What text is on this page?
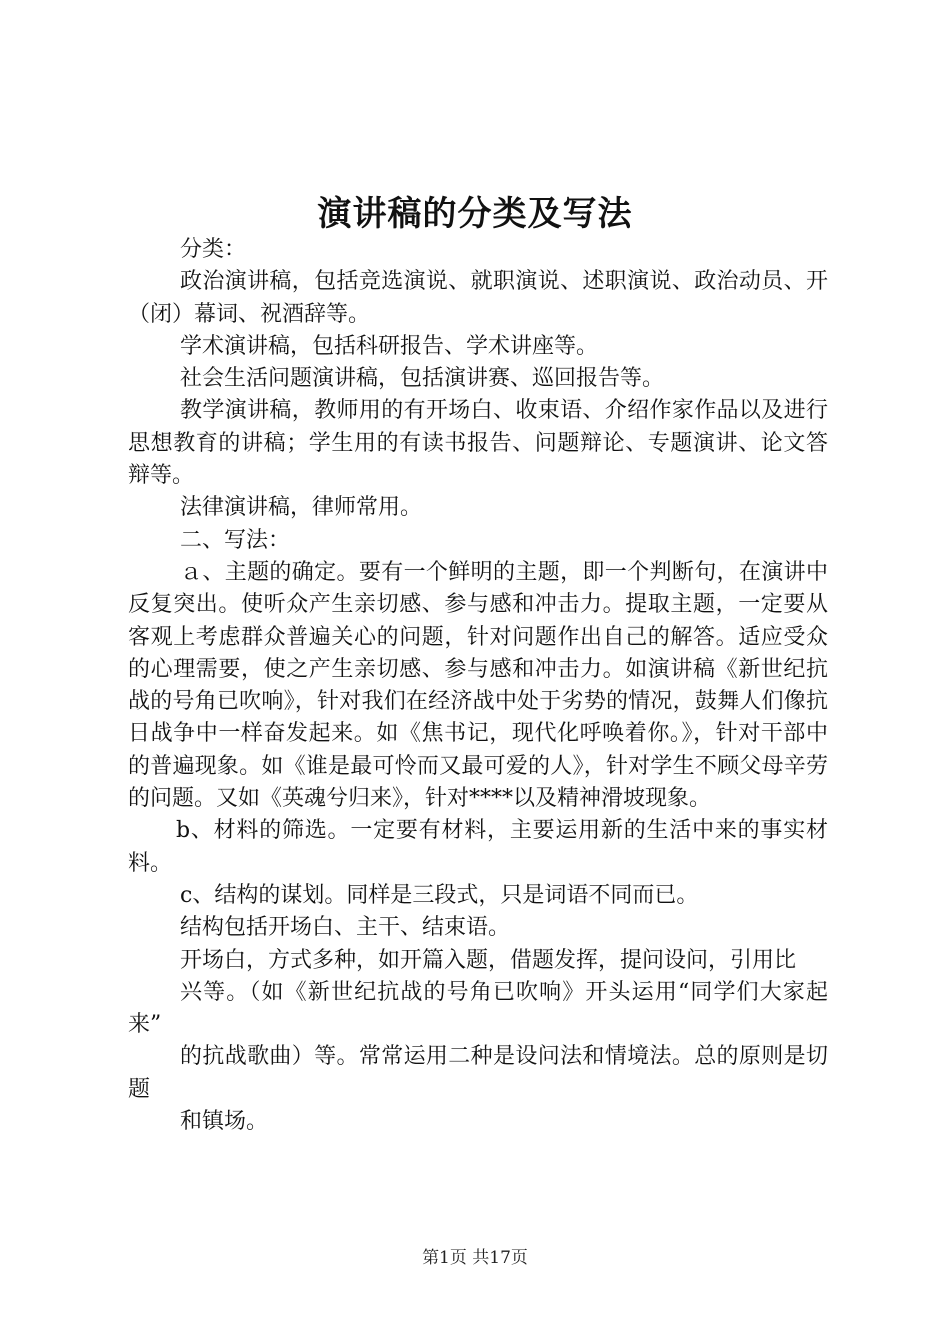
演讲稿的分类及写法

分类：

政治演讲稿，包括竞选演说、就职演说、述职演说、政治动员、开（闭）幕词、祝酒辞等。

学术演讲稿，包括科研报告、学术讲座等。

社会生活问题演讲稿，包括演讲赛、巡回报告等。

教学演讲稿，教师用的有开场白、收束语、介绍作家作品以及进行思想教育的讲稿；学生用的有读书报告、问题辩论、专题演讲、论文答辩等。

法律演讲稿，律师常用。

二、写法：

ａ、主题的确定。要有一个鲜明的主题，即一个判断句，在演讲中反复突出。使听众产生亲切感、参与感和冲击力。提取主题，一定要从客观上考虑群众普遍关心的问题，针对问题作出自己的解答。适应受众的心理需要，使之产生亲切感、参与感和冲击力。如演讲稿《新世纪抗战的号角已吹响》，针对我们在经济战中处于劣势的情况，鼓舞人们像抗日战争中一样奋发起来。如《焦书记，现代化呼唤着你。》，针对干部中的普遍现象。如《谁是最可怜而又最可爱的人》，针对学生不顾父母辛劳的问题。又如《英魂兮归来》，针对****以及精神滑坡现象。

b、材料的筛选。一定要有材料，主要运用新的生活中来的事实材料。

c、结构的谋划。同样是三段式，只是词语不同而已。

结构包括开场白、主干、结束语。

开场白，方式多种，如开篇入题，借题发挥，提问设问，引用比

兴等。（如《新世纪抗战的号角已吹响》开头运用“同学们大家起来”

的抗战歌曲）等。常常运用二种是设问法和情境法。总的原则是切题

和镇场。

第1页 共17页
